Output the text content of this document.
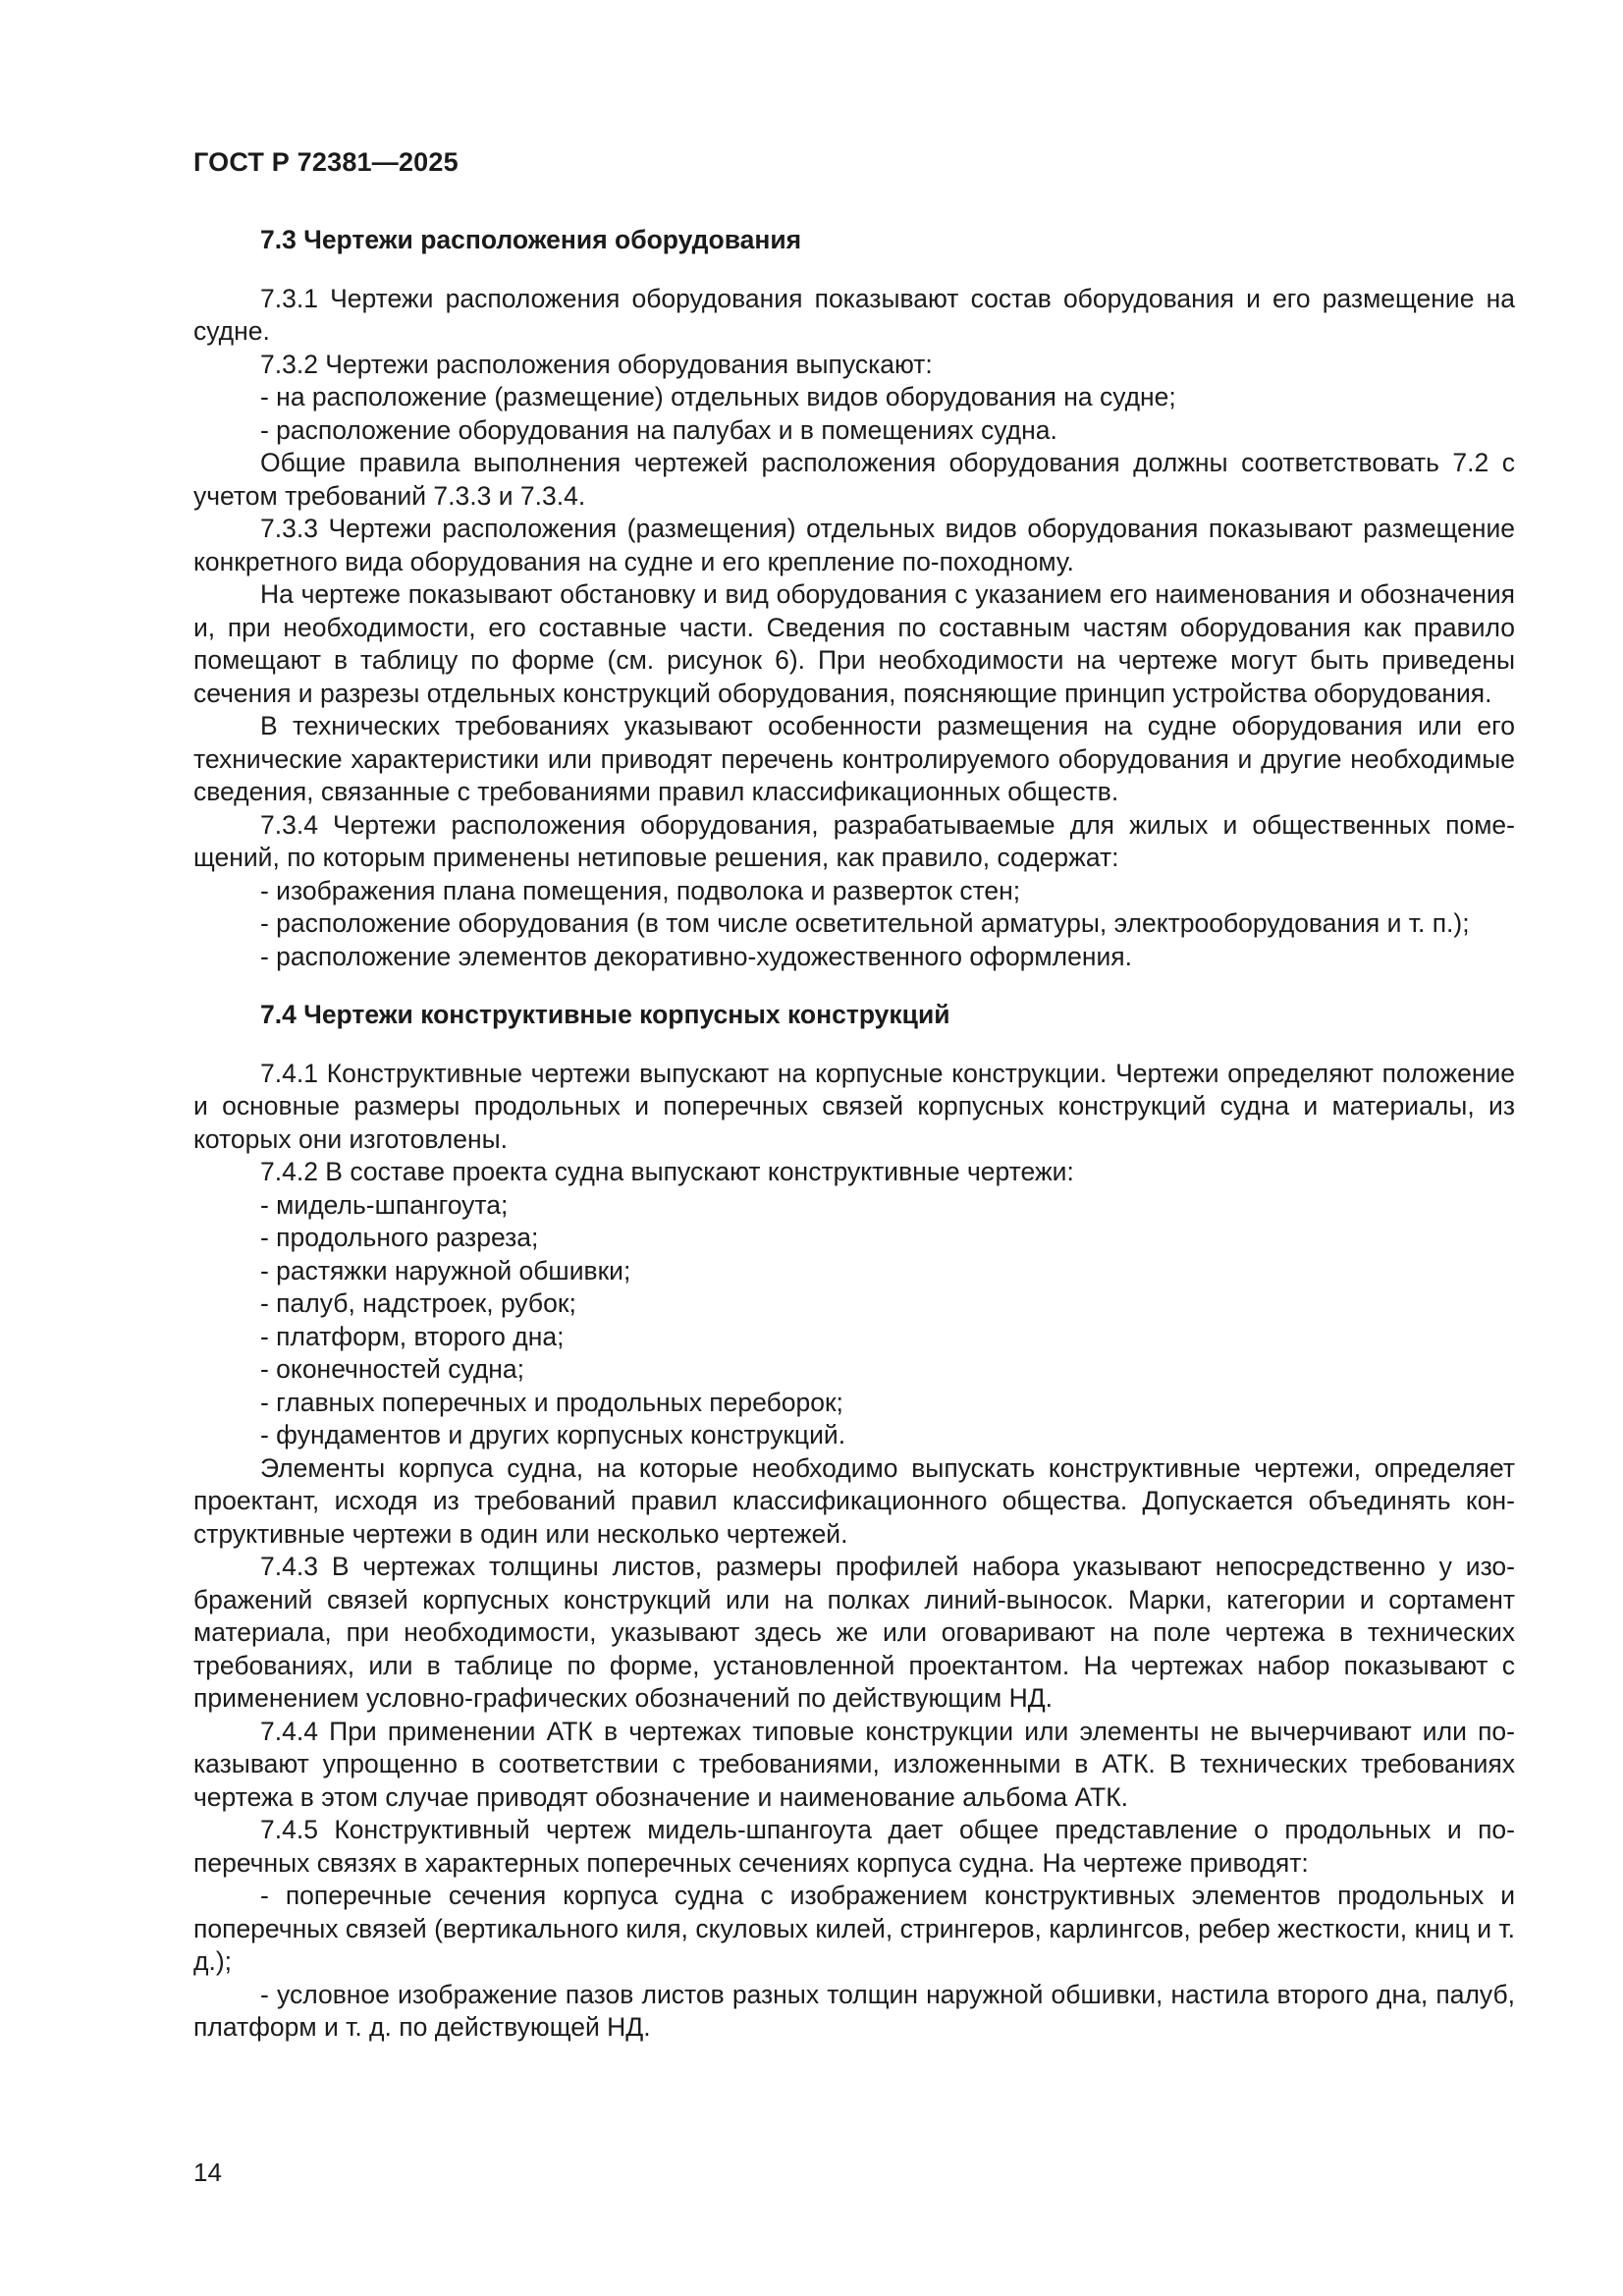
ГОСТ Р 72381—2025
7.3 Чертежи расположения оборудования

7.3.1 Чертежи расположения оборудования показывают состав оборудования и его размещение на судне.

7.3.2 Чертежи расположения оборудования выпускают:

- на расположение (размещение) отдельных видов оборудования на судне;

- расположение оборудования на палубах и в помещениях судна.

Общие правила выполнения чертежей расположения оборудования должны соответствовать 7.2 с учетом требований 7.3.3 и 7.3.4.

7.3.3 Чертежи расположения (размещения) отдельных видов оборудования показывают размещение конкретного вида оборудования на судне и его крепление по-походному.

На чертеже показывают обстановку и вид оборудования с указанием его наименования и обозначения и, при необходимости, его составные части. Сведения по составным частям оборудования как правило помещают в таблицу по форме (см. рисунок 6). При необходимости на чертеже могут быть приведены сечения и разрезы отдельных конструкций оборудования, поясняющие принцип устройства оборудования.

В технических требованиях указывают особенности размещения на судне оборудования или его технические характеристики или приводят перечень контролируемого оборудования и другие необходимые сведения, связанные с требованиями правил классификационных обществ.

7.3.4 Чертежи расположения оборудования, разрабатываемые для жилых и общественных помещений, по которым применены нетиповые решения, как правило, содержат:

- изображения плана помещения, подволока и разверток стен;

- расположение оборудования (в том числе осветительной арматуры, электрооборудования и т. п.);

- расположение элементов декоративно-художественного оформления.

7.4 Чертежи конструктивные корпусных конструкций

7.4.1 Конструктивные чертежи выпускают на корпусные конструкции. Чертежи определяют положение и основные размеры продольных и поперечных связей корпусных конструкций судна и материалы, из которых они изготовлены.

7.4.2 В составе проекта судна выпускают конструктивные чертежи:

- мидель-шпангоута;

- продольного разреза;

- растяжки наружной обшивки;

- палуб, надстроек, рубок;

- платформ, второго дна;

- оконечностей судна;

- главных поперечных и продольных переборок;

- фундаментов и других корпусных конструкций.

Элементы корпуса судна, на которые необходимо выпускать конструктивные чертежи, определяет проектант, исходя из требований правил классификационного общества. Допускается объединять конструктивные чертежи в один или несколько чертежей.

7.4.3 В чертежах толщины листов, размеры профилей набора указывают непосредственно у изображений связей корпусных конструкций или на полках линий-выносок. Марки, категории и сортамент материала, при необходимости, указывают здесь же или оговаривают на поле чертежа в технических требованиях, или в таблице по форме, установленной проектантом. На чертежах набор показывают с применением условно-графических обозначений по действующим НД.

7.4.4 При применении АТК в чертежах типовые конструкции или элементы не вычерчивают или показывают упрощенно в соответствии с требованиями, изложенными в АТК. В технических требованиях чертежа в этом случае приводят обозначение и наименование альбома АТК.

7.4.5 Конструктивный чертеж мидель-шпангоута дает общее представление о продольных и поперечных связях в характерных поперечных сечениях корпуса судна. На чертеже приводят:

- поперечные сечения корпуса судна с изображением конструктивных элементов продольных и поперечных связей (вертикального киля, скуловых килей, стрингеров, карлингсов, ребер жесткости, книц и т. д.);

- условное изображение пазов листов разных толщин наружной обшивки, настила второго дна, палуб, платформ и т. д. по действующей НД.

14
